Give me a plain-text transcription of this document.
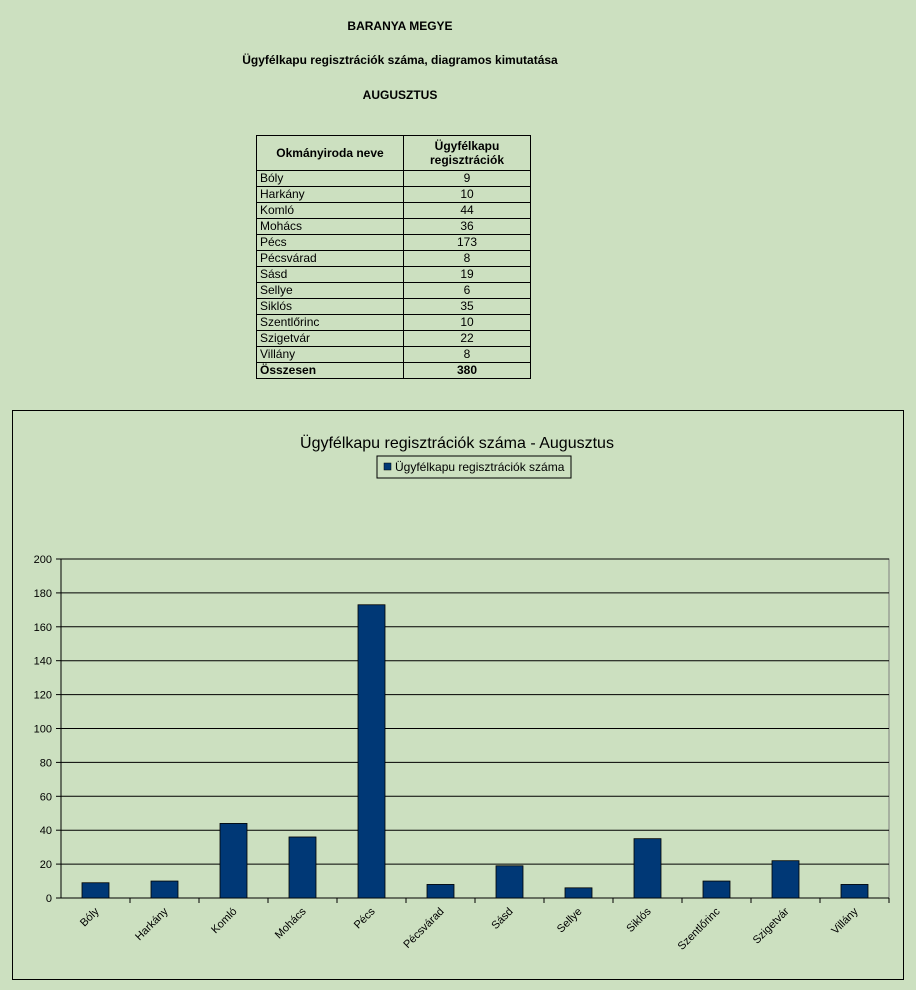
BARANYA MEGYE
Ügyfélkapu regisztrációk száma, diagramos kimutatása
AUGUSZTUS
Okmányiroda neve	Ügyfélkapu
regisztrációk
Bóly	9
Harkány	10
Komló	44
Mohács	36
Pécs	173
Pécsvárad	8
Sásd	19
Sellye	6
Siklós	35
Szentlőrinc	10
Szigetvár	22
Villány	8
Összesen	380
Ügyfélkapu regisztrációk száma - Augusztus
Ügyfélkapu regisztrációk száma
0
20
40
60
80
100
120
140
160
180
200
Bóly	Harkány	Komló	Mohács	Pécs Pécsvárad	Sásd	Sellye	Siklós Szentlőrinc	Szigetvár	Villány
